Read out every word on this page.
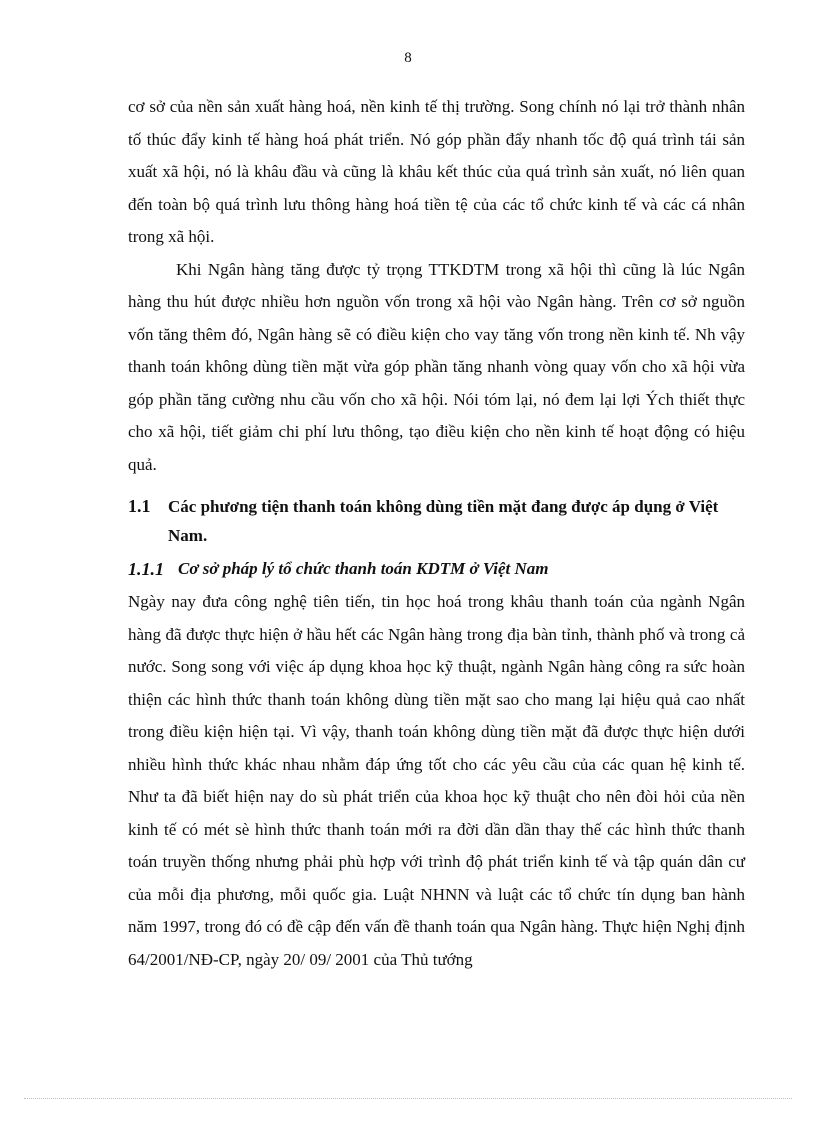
8

cơ sở của nền sản xuất hàng hoá, nền kinh tế thị trường. Song chính nó lại trở thành nhân tố thúc đẩy kinh tế hàng hoá phát triển. Nó góp phần đẩy nhanh tốc độ quá trình tái sản xuất xã hội, nó là khâu đầu và cũng là khâu kết thúc của quá trình sản xuất, nó liên quan đến toàn bộ quá trình lưu thông hàng hoá tiền tệ của các tổ chức kinh tế và các cá nhân trong xã hội.

Khi Ngân hàng tăng được tỷ trọng TTKDTM trong xã hội thì cũng là lúc Ngân hàng thu hút được nhiều hơn nguồn vốn trong xã hội vào Ngân hàng. Trên cơ sở nguồn vốn tăng thêm đó, Ngân hàng sẽ có điều kiện cho vay tăng vốn trong nền kinh tế. Nh vậy thanh toán không dùng tiền mặt vừa góp phần tăng nhanh vòng quay vốn cho xã hội vừa góp phần tăng cường nhu cầu vốn cho xã hội. Nói tóm lại, nó đem lại lợi Ých thiết thực cho xã hội, tiết giảm chi phí lưu thông, tạo điều kiện cho nền kinh tế hoạt động có hiệu quả.

1.1	Các phương tiện thanh toán không dùng tiền mặt đang được áp dụng ở Việt Nam.
1.1.1 Cơ sở pháp lý tổ chức thanh toán KDTM ở Việt Nam

Ngày nay đưa công nghệ tiên tiến, tin học hoá trong khâu thanh toán của ngành Ngân hàng đã được thực hiện ở hầu hết các Ngân hàng trong địa bàn tỉnh, thành phố và trong cả nước. Song song với việc áp dụng khoa học kỹ thuật, ngành Ngân hàng công ra sức hoàn thiện các hình thức thanh toán không dùng tiền mặt sao cho mang lại hiệu quả cao nhất trong điều kiện hiện tại. Vì vậy, thanh toán không dùng tiền mặt đã được thực hiện dưới nhiều hình thức khác nhau nhằm đáp ứng tốt cho các yêu cầu của các quan hệ kinh tế. Như ta đã biết hiện nay do sù phát triển của khoa học kỹ thuật cho nên đòi hỏi của nền kinh tế có mét sè hình thức thanh toán mới ra đời dần dần thay thế các hình thức thanh toán truyền thống nhưng phải phù hợp với trình độ phát triển kinh tế và tập quán dân cư của mỗi địa phương, mỗi quốc gia. Luật NHNN và luật các tổ chức tín dụng ban hành năm 1997, trong đó có đề cập đến vấn đề thanh toán qua Ngân hàng. Thực hiện Nghị định 64/2001/NĐ-CP, ngày 20/ 09/ 2001 của Thủ tướng
